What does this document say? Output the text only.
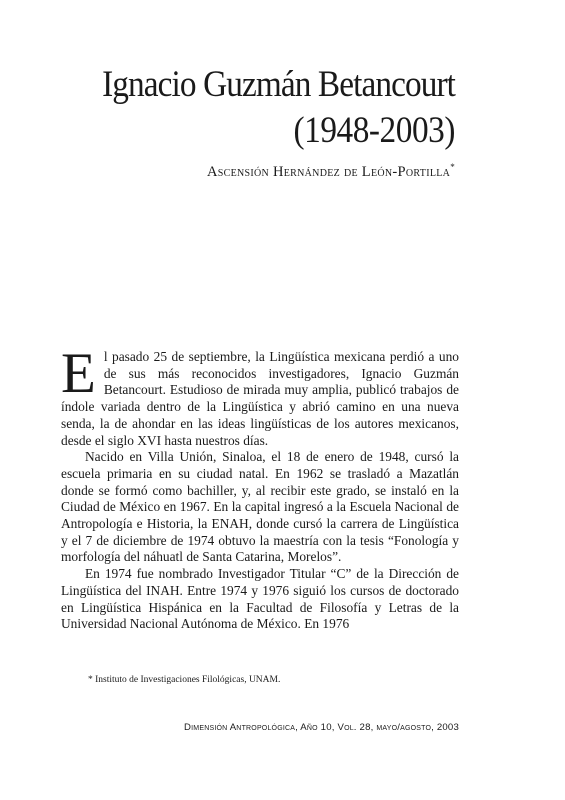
Ignacio Guzmán Betancourt
(1948-2003)
Ascensión Hernández de León-Portilla*

El pasado 25 de septiembre, la Lingüística mexicana perdió a uno de sus más reconocidos investigadores, Ignacio Guzmán Betancourt. Estudioso de mirada muy amplia, publicó trabajos de índole variada dentro de la Lingüística y abrió camino en una nueva senda, la de ahondar en las ideas lingüísticas de los autores mexicanos, desde el siglo XVI hasta nuestros días.

Nacido en Villa Unión, Sinaloa, el 18 de enero de 1948, cursó la escuela primaria en su ciudad natal. En 1962 se trasladó a Mazatlán donde se formó como bachiller, y, al recibir este grado, se instaló en la Ciudad de México en 1967. En la capital ingresó a la Escuela Nacional de Antropología e Historia, la ENAH, donde cursó la carrera de Lingüística y el 7 de diciembre de 1974 obtuvo la maestría con la tesis “Fonología y morfología del náhuatl de Santa Catarina, Morelos”.

En 1974 fue nombrado Investigador Titular “C” de la Dirección de Lingüística del INAH. Entre 1974 y 1976 siguió los cursos de doctorado en Lingüística Hispánica en la Facultad de Filosofía y Letras de la Universidad Nacional Autónoma de México. En 1976

* Instituto de Investigaciones Filológicas, UNAM.
Dimensión Antropológica, Año 10, Vol. 28, mayo/agosto, 2003
